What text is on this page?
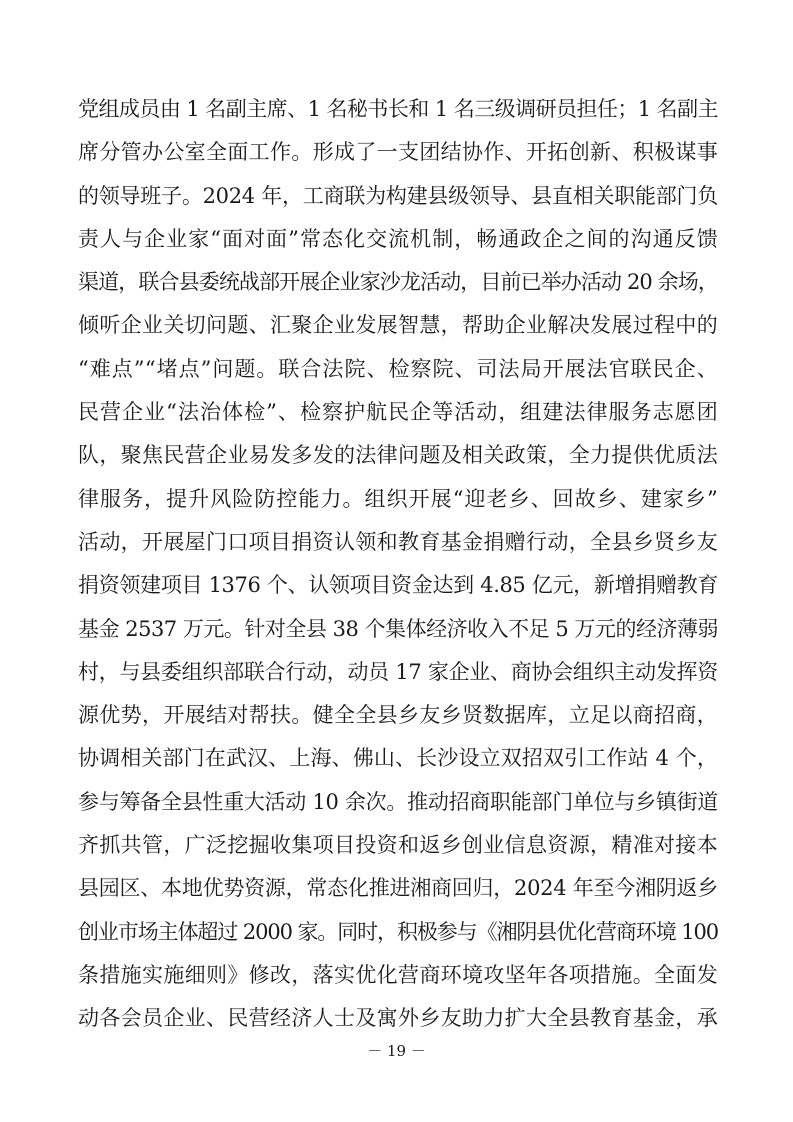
党组成员由 1 名副主席、1 名秘书长和 1 名三级调研员担任；1 名副主
席分管办公室全面工作。形成了一支团结协作、开拓创新、积极谋事
的领导班子。2024 年，工商联为构建县级领导、县直相关职能部门负
责人与企业家“面对面”常态化交流机制，畅通政企之间的沟通反馈
渠道，联合县委统战部开展企业家沙龙活动，目前已举办活动 20 余场，
倾听企业关切问题、汇聚企业发展智慧，帮助企业解决发展过程中的
“难点”“堵点”问题。联合法院、检察院、司法局开展法官联民企、
民营企业“法治体检”、检察护航民企等活动，组建法律服务志愿团
队，聚焦民营企业易发多发的法律问题及相关政策，全力提供优质法
律服务，提升风险防控能力。组织开展“迎老乡、回故乡、建家乡”
活动，开展屋门口项目捐资认领和教育基金捐赠行动，全县乡贤乡友
捐资领建项目 1376 个、认领项目资金达到 4.85 亿元，新增捐赠教育
基金 2537 万元。针对全县 38 个集体经济收入不足 5 万元的经济薄弱
村，与县委组织部联合行动，动员 17 家企业、商协会组织主动发挥资
源优势，开展结对帮扶。健全全县乡友乡贤数据库，立足以商招商，
协调相关部门在武汉、上海、佛山、长沙设立双招双引工作站 4 个，
参与筹备全县性重大活动 10 余次。推动招商职能部门单位与乡镇街道
齐抓共管，广泛挖掘收集项目投资和返乡创业信息资源，精准对接本
县园区、本地优势资源，常态化推进湘商回归，2024 年至今湘阴返乡
创业市场主体超过 2000 家。同时，积极参与《湘阴县优化营商环境 100
条措施实施细则》修改，落实优化营商环境攻坚年各项措施。全面发
动各会员企业、民营经济人士及寓外乡友助力扩大全县教育基金，承
－ 19 －
